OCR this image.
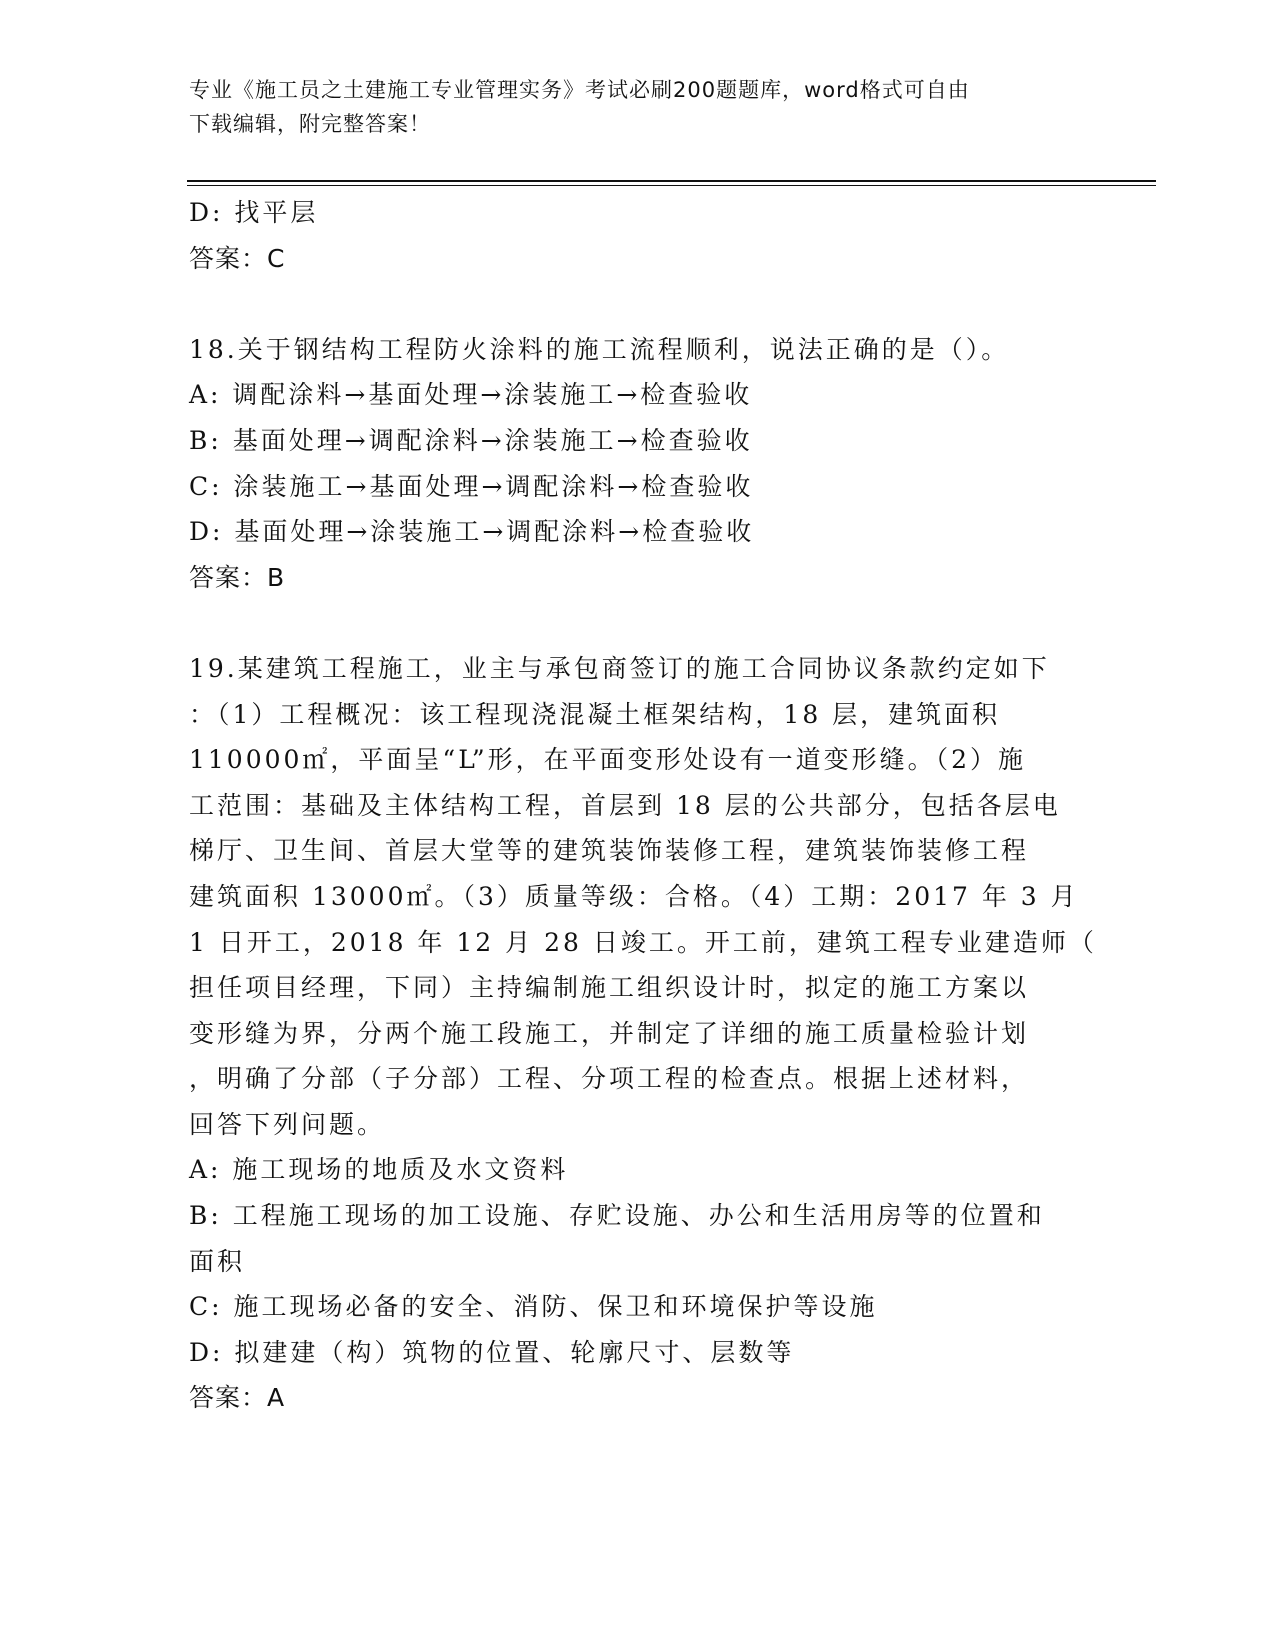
专业《施工员之土建施工专业管理实务》考试必刷200题题库，word格式可自由
下载编辑，附完整答案！
D: 找平层
答案：C
18.关于钢结构工程防火涂料的施工流程顺利，说法正确的是（）。
A: 调配涂料→基面处理→涂装施工→检查验收
B: 基面处理→调配涂料→涂装施工→检查验收
C: 涂装施工→基面处理→调配涂料→检查验收
D: 基面处理→涂装施工→调配涂料→检查验收
答案：B
19.某建筑工程施工，业主与承包商签订的施工合同协议条款约定如下
：（1）工程概况：该工程现浇混凝土框架结构，18 层，建筑面积
110000㎡，平面呈“L”形，在平面变形处设有一道变形缝。（2）施
工范围：基础及主体结构工程，首层到 18 层的公共部分，包括各层电
梯厅、卫生间、首层大堂等的建筑装饰装修工程，建筑装饰装修工程
建筑面积 13000㎡。（3）质量等级：合格。（4）工期：2017 年 3 月
1 日开工，2018 年 12 月 28 日竣工。开工前，建筑工程专业建造师（
担任项目经理，下同）主持编制施工组织设计时，拟定的施工方案以
变形缝为界，分两个施工段施工，并制定了详细的施工质量检验计划
，明确了分部（子分部）工程、分项工程的检查点。根据上述材料，
回答下列问题。
A: 施工现场的地质及水文资料
B: 工程施工现场的加工设施、存贮设施、办公和生活用房等的位置和
面积
C: 施工现场必备的安全、消防、保卫和环境保护等设施
D: 拟建建（构）筑物的位置、轮廓尺寸、层数等
答案：A
